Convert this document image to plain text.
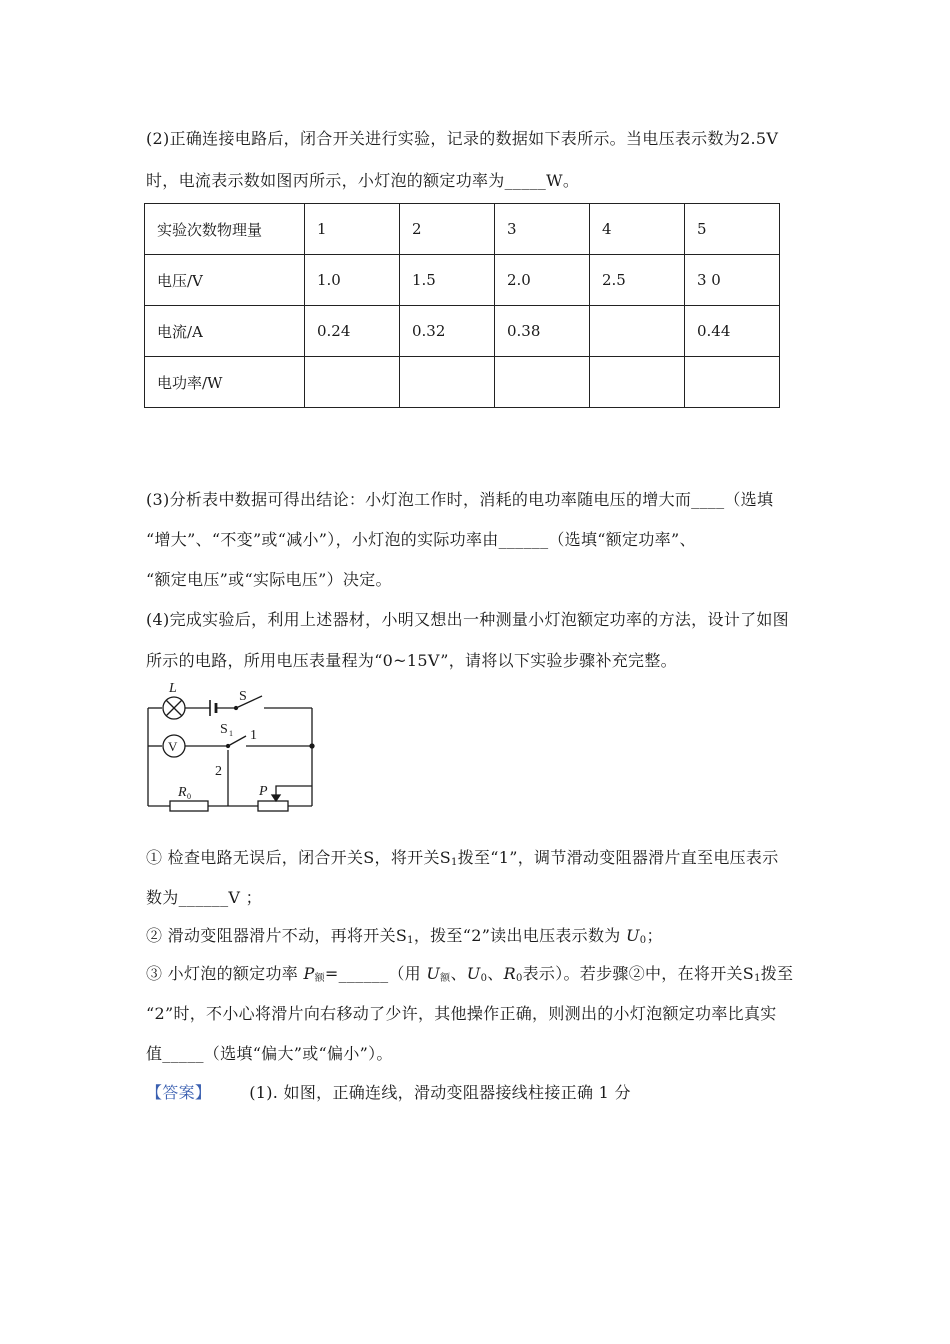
(2)正确连接电路后，闭合开关进行实验，记录的数据如下表所示。当电压表示数为2.5V
时，电流表示数如图丙所示，小灯泡的额定功率为_____W。
实验次数物理量	1	2	3	4	5
电压/V	1.0	1.5	2.0	2.5	3 0
电流/A	0.24	0.32	0.38		0.44
电功率/W					
(3)分析表中数据可得出结论：小灯泡工作时，消耗的电功率随电压的增大而____（选填
“增大”、“不变”或“减小”），小灯泡的实际功率由______（选填“额定功率”、
“额定电压”或“实际电压”）决定。
(4)完成实验后，利用上述器材，小明又想出一种测量小灯泡额定功率的方法，设计了如图
所示的电路，所用电压表量程为“0~15V”，请将以下实验步骤补充完整。
L
S
V
S 1 1
2
R 0	P
① 检查电路无误后，闭合开关S，将开关$S_1$拨至“1”，调节滑动变阻器滑片直至电压表示
数为______V ；
② 滑动变阻器滑片不动，再将开关$S_1$，拨至“2”读出电压表示数为 $U_0$；
③ 小灯泡的额定功率 $P_额=\_\_\_\_\_\_$（用 $U_额$、$U_0$、$R_0$表示）。若步骤②中，在将开关$S_1$拨至
“2”时，不小心将滑片向右移动了少许，其他操作正确，则测出的小灯泡额定功率比真实
值_____（选填“偏大”或“偏小”）。
【答案】 (1). 如图，正确连线，滑动变阻器接线柱接正确 1 分
